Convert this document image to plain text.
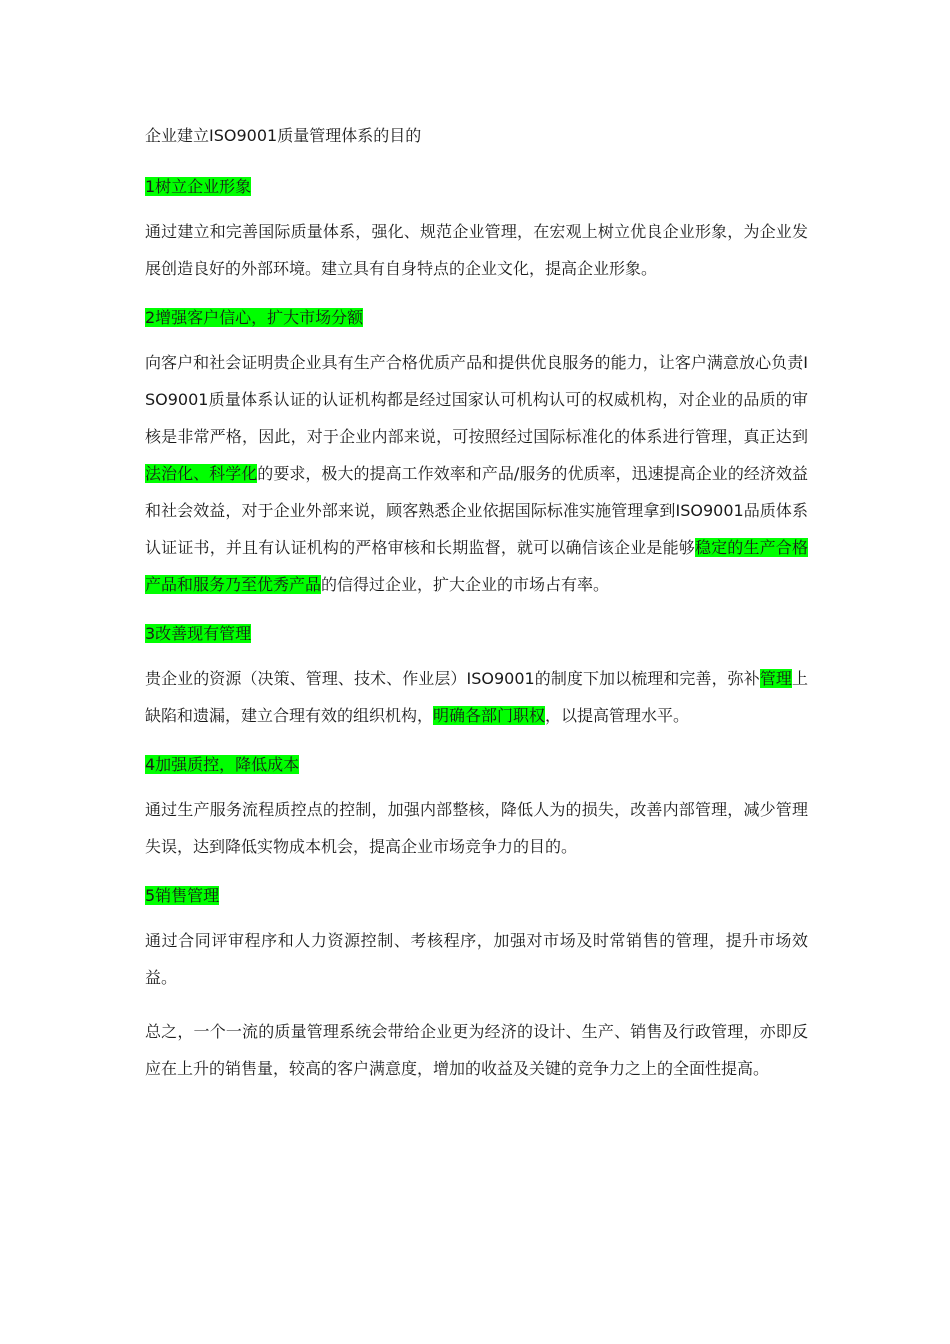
企业建立ISO9001质量管理体系的目的

1树立企业形象

通过建立和完善国际质量体系，强化、规范企业管理，在宏观上树立优良企业形象，为企业发展创造良好的外部环境。建立具有自身特点的企业文化，提高企业形象。

2增强客户信心，扩大市场分额

向客户和社会证明贵企业具有生产合格优质产品和提供优良服务的能力，让客户满意放心负责ISO9001质量体系认证的认证机构都是经过国家认可机构认可的权威机构，对企业的品质的审核是非常严格，因此，对于企业内部来说，可按照经过国际标准化的体系进行管理，真正达到法治化、科学化的要求，极大的提高工作效率和产品/服务的优质率，迅速提高企业的经济效益和社会效益，对于企业外部来说，顾客熟悉企业依据国际标准实施管理拿到ISO9001品质体系认证证书，并且有认证机构的严格审核和长期监督，就可以确信该企业是能够稳定的生产合格产品和服务乃至优秀产品的信得过企业，扩大企业的市场占有率。

3改善现有管理

贵企业的资源（决策、管理、技术、作业层）ISO9001的制度下加以梳理和完善，弥补管理上缺陷和遗漏，建立合理有效的组织机构，明确各部门职权，以提高管理水平。

4加强质控，降低成本

通过生产服务流程质控点的控制，加强内部整核，降低人为的损失，改善内部管理，减少管理失误，达到降低实物成本机会，提高企业市场竞争力的目的。

5销售管理

通过合同评审程序和人力资源控制、考核程序，加强对市场及时常销售的管理，提升市场效益。

总之，一个一流的质量管理系统会带给企业更为经济的设计、生产、销售及行政管理，亦即反应在上升的销售量，较高的客户满意度，增加的收益及关键的竞争力之上的全面性提高。
